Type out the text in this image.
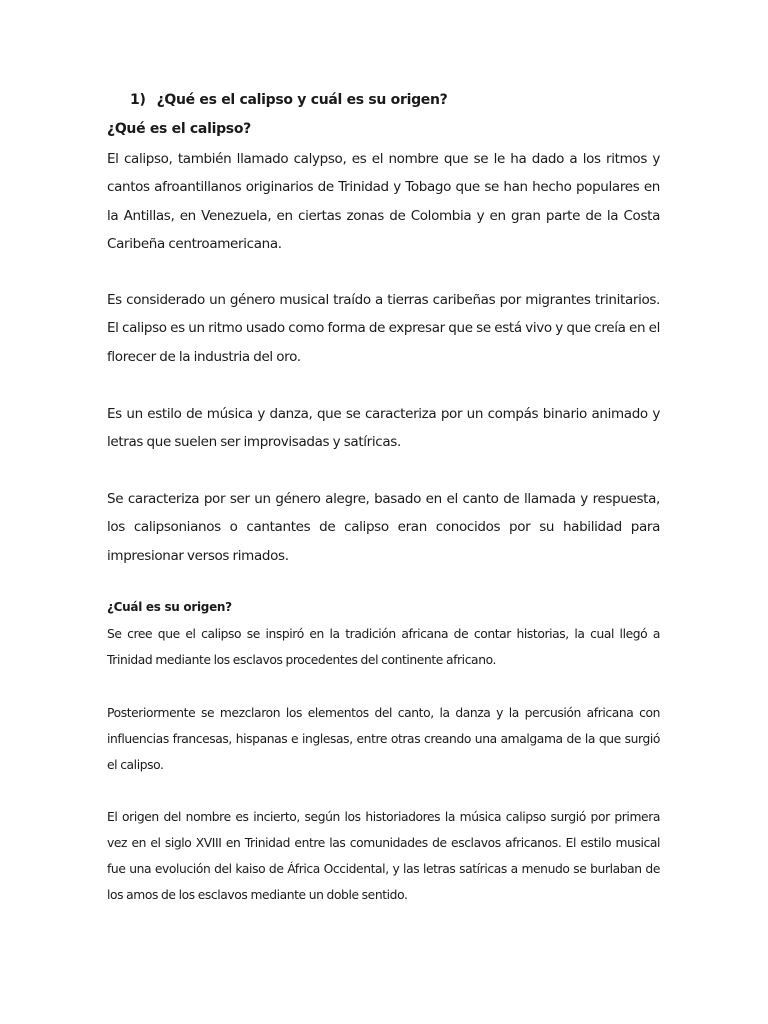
1) ¿Qué es el calipso y cuál es su origen?
¿Qué es el calipso?

El calipso, también llamado calypso, es el nombre que se le ha dado a los ritmos y cantos afroantillanos originarios de Trinidad y Tobago que se han hecho populares en la Antillas, en Venezuela, en ciertas zonas de Colombia y en gran parte de la Costa Caribeña centroamericana.

Es considerado un género musical traído a tierras caribeñas por migrantes trinitarios. El calipso es un ritmo usado como forma de expresar que se está vivo y que creía en el florecer de la industria del oro.

Es un estilo de música y danza, que se caracteriza por un compás binario animado y letras que suelen ser improvisadas y satíricas.

Se caracteriza por ser un género alegre, basado en el canto de llamada y respuesta, los calipsonianos o cantantes de calipso eran conocidos por su habilidad para impresionar versos rimados.

¿Cuál es su origen?

Se cree que el calipso se inspiró en la tradición africana de contar historias, la cual llegó a Trinidad mediante los esclavos procedentes del continente africano.

Posteriormente se mezclaron los elementos del canto, la danza y la percusión africana con influencias francesas, hispanas e inglesas, entre otras creando una amalgama de la que surgió el calipso.

El origen del nombre es incierto, según los historiadores la música calipso surgió por primera vez en el siglo XVIII en Trinidad entre las comunidades de esclavos africanos. El estilo musical fue una evolución del kaiso de África Occidental, y las letras satíricas a menudo se burlaban de los amos de los esclavos mediante un doble sentido.
